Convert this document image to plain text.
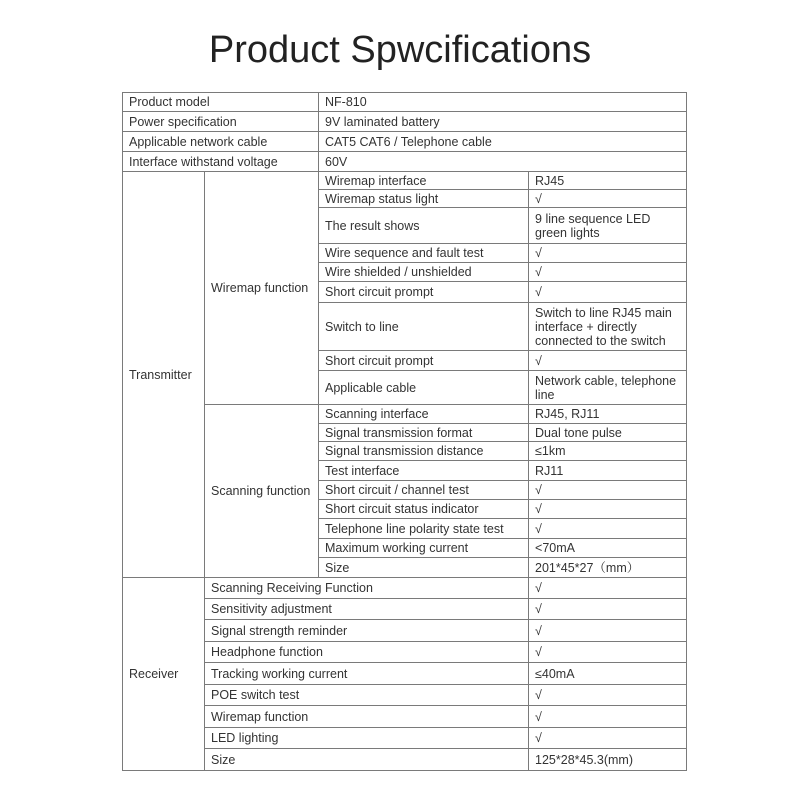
Product Spwcifications
Product model		NF-810	
Power specification		9V laminated battery	
Applicable network cable		CAT5 CAT6 / Telephone cable	
Interface withstand voltage		60V	
Transmitter	Wiremap function	Wiremap interface	RJ45
		Wiremap status light	√
		The result shows	9 line sequence LED green lights
		Wire sequence and fault test	√
		Wire shielded / unshielded	√
		Short circuit prompt	√
		Switch to line	Switch to line RJ45 main interface + directly connected to the switch
		Short circuit prompt	√
		Applicable cable	Network cable, telephone line
	Scanning function	Scanning interface	RJ45, RJ11
		Signal transmission format	Dual tone pulse
		Signal transmission distance	≤1km
		Test interface	RJ11
		Short circuit / channel test	√
		Short circuit status indicator	√
		Telephone line polarity state test	√
		Maximum working current	<70mA
		Size	201*45*27（mm）
Receiver	Scanning Receiving Function		√
	Sensitivity adjustment		√
	Signal strength reminder		√
	Headphone function		√
	Tracking working current		≤40mA
	POE switch test		√
	Wiremap function		√
	LED lighting		√
	Size		125*28*45.3(mm)
